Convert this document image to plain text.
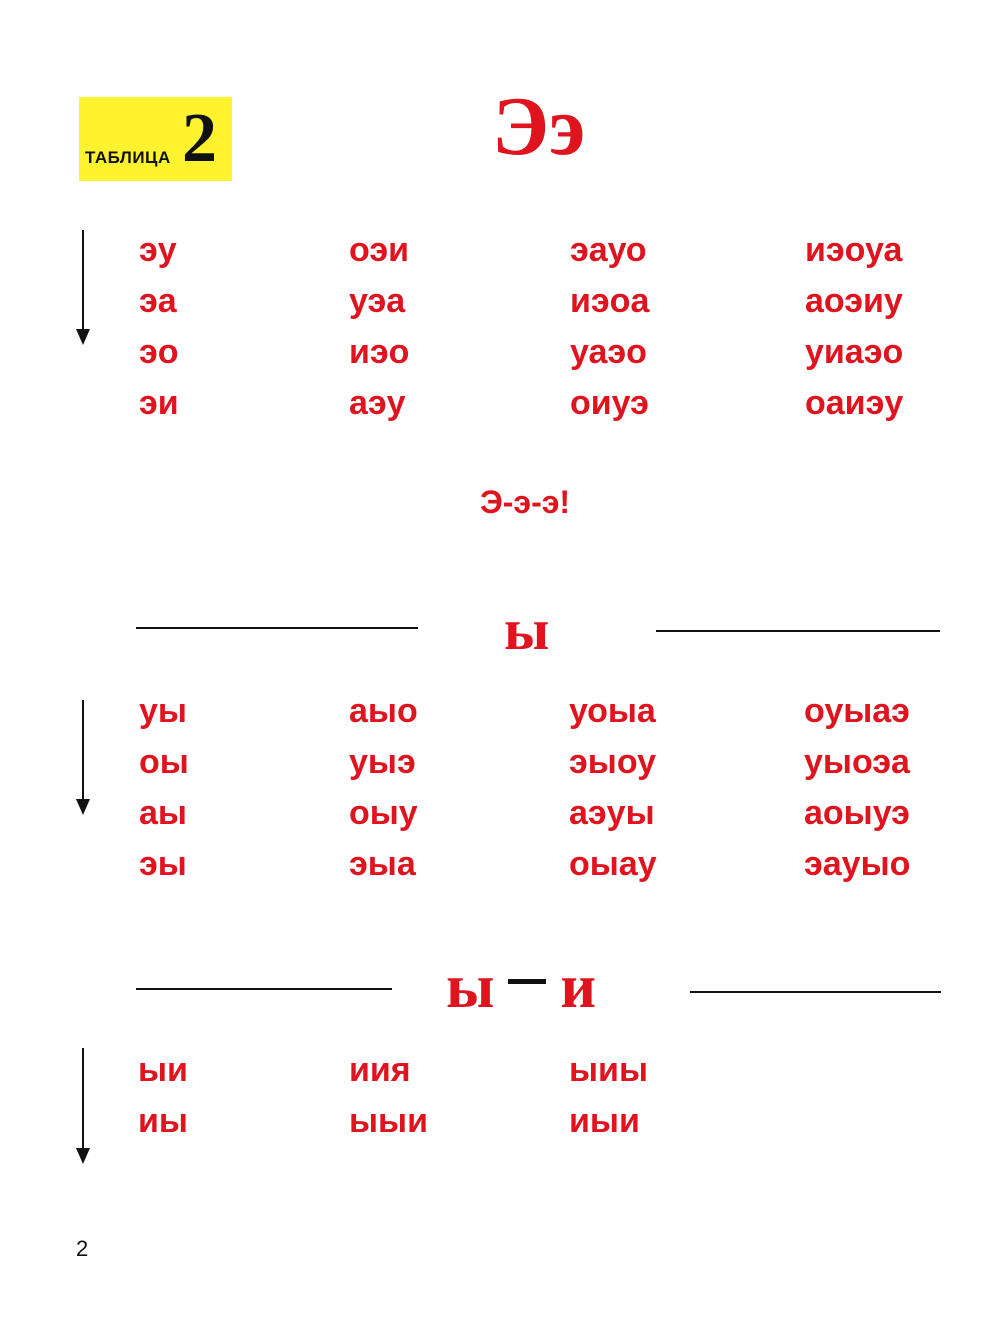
ТАБЛИЦА 2	Ээ
эу
эа
эо
эи
оэи
уэа
иэо
аэу
эауо
иэоа
уаэо
оиуэ
иэоуа
аоэиу
уиаэо
оаиэу
Э-э-э!
ы
уы
оы
аы
эы
аыо
уыэ
оыу
эыа
уоыа
эыоу
аэуы
оыау
оуыаэ
уыоэа
аоыуэ
эауыо
ы и
ыи
иы
иия
ыыи
ыиы
иыи
2
